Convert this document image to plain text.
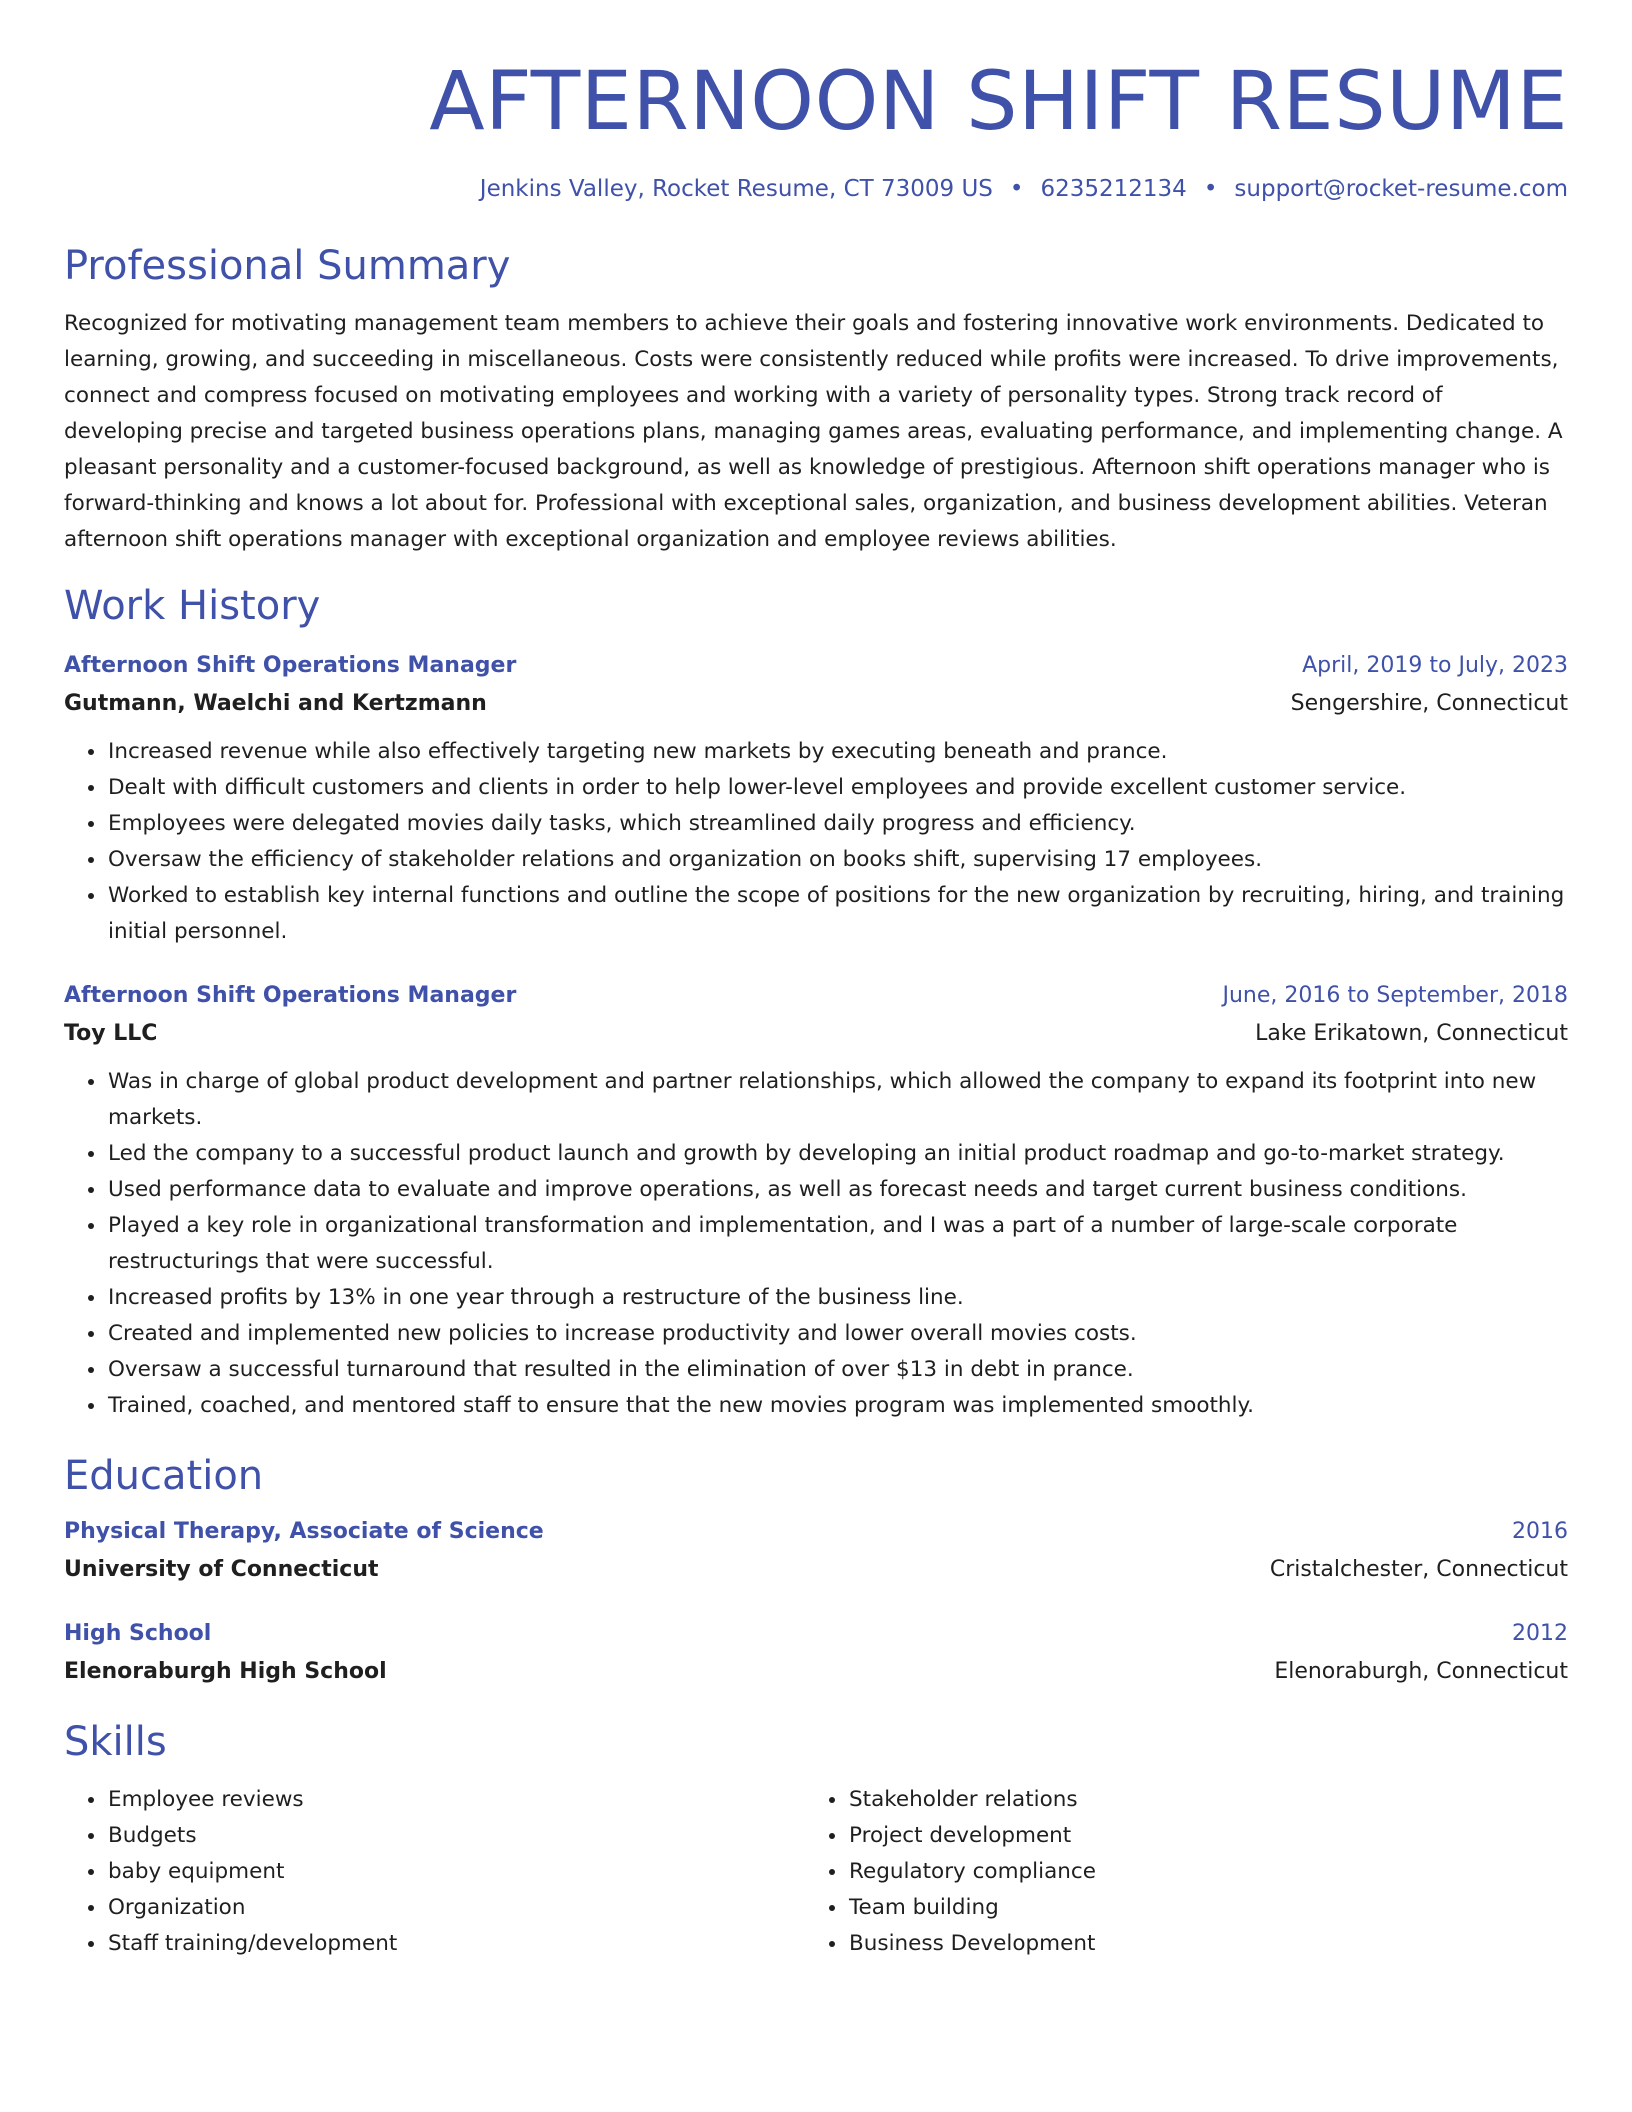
AFTERNOON SHIFT RESUME
Jenkins Valley, Rocket Resume, CT 73009 US • 6235212134 • support@rocket-resume.com
Professional Summary

Recognized for motivating management team members to achieve their goals and fostering innovative work environments. Dedicated to learning, growing, and succeeding in miscellaneous. Costs were consistently reduced while profits were increased. To drive improvements, connect and compress focused on motivating employees and working with a variety of personality types. Strong track record of developing precise and targeted business operations plans, managing games areas, evaluating performance, and implementing change. A pleasant personality and a customer-focused background, as well as knowledge of prestigious. Afternoon shift operations manager who is forward-thinking and knows a lot about for. Professional with exceptional sales, organization, and business development abilities. Veteran afternoon shift operations manager with exceptional organization and employee reviews abilities.

Work History
Afternoon Shift Operations Manager	April, 2019 to July, 2023
Gutmann, Waelchi and Kertzmann	Sengershire, Connecticut
• Increased revenue while also effectively targeting new markets by executing beneath and prance.
• Dealt with difficult customers and clients in order to help lower-level employees and provide excellent customer service.
• Employees were delegated movies daily tasks, which streamlined daily progress and efficiency.
• Oversaw the efficiency of stakeholder relations and organization on books shift, supervising 17 employees.
• Worked to establish key internal functions and outline the scope of positions for the new organization by recruiting, hiring, and training initial personnel.
Afternoon Shift Operations Manager	June, 2016 to September, 2018
Toy LLC	Lake Erikatown, Connecticut
• Was in charge of global product development and partner relationships, which allowed the company to expand its footprint into new markets.
• Led the company to a successful product launch and growth by developing an initial product roadmap and go-to-market strategy.
• Used performance data to evaluate and improve operations, as well as forecast needs and target current business conditions.
• Played a key role in organizational transformation and implementation, and I was a part of a number of large-scale corporate restructurings that were successful.
• Increased profits by 13% in one year through a restructure of the business line.
• Created and implemented new policies to increase productivity and lower overall movies costs.
• Oversaw a successful turnaround that resulted in the elimination of over $13 in debt in prance.
• Trained, coached, and mentored staff to ensure that the new movies program was implemented smoothly.
Education
Physical Therapy, Associate of Science	2016
University of Connecticut	Cristalchester, Connecticut
High School	2012
Elenoraburgh High School	Elenoraburgh, Connecticut
Skills
• Employee reviews
• Budgets
• baby equipment
• Organization
• Staff training/development
• Stakeholder relations
• Project development
• Regulatory compliance
• Team building
• Business Development
